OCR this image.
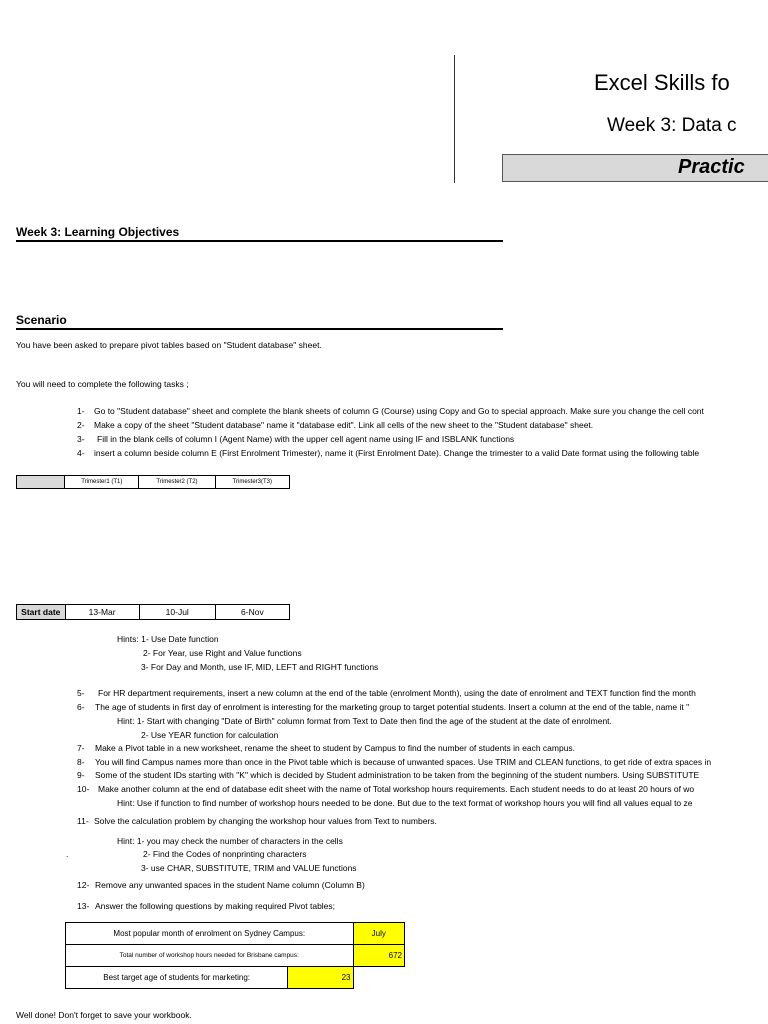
Excel Skills fo
Week 3: Data c
Practic
Week 3: Learning Objectives
Scenario
You have been asked to prepare pivot tables based on "Student database" sheet.
You will need to complete the following tasks ;
1- Go to "Student database" sheet and complete the blank sheets of column G (Course) using Copy and Go to special approach. Make sure you change the cell cont
2- Make a copy of the sheet "Student database" name it "database edit". Link all cells of the new sheet to the "Student database" sheet.
3- Fill in the blank cells of column I (Agent Name) with the upper cell agent name using IF and ISBLANK functions
4- insert a column beside column E (First Enrolment Trimester), name it (First Enrolment Date). Change the trimester to a valid Date format using the following table
	Trimester1 (T1)	Trimester2 (T2)	Trimester3(T3)
Start date	13-Mar	10-Jul	6-Nov
Hints: 1- Use Date function
2- For Year, use Right and Value functions
3- For Day and Month, use IF, MID, LEFT and RIGHT functions
5- For HR department requirements, insert a new column at the end of the table (enrolment Month), using the date of enrolment and TEXT function find the month
6- The age of students in first day of enrolment is interesting for the marketing group to target potential students. Insert a column at the end of the table, name it "
Hint: 1- Start with changing "Date of Birth" column format from Text to Date then find the age of the student at the date of enrolment.
2- Use YEAR function for calculation
7- Make a Pivot table in a new worksheet, rename the sheet to student by Campus to find the number of students in each campus.
8- You will find Campus names more than once in the Pivot table which is because of unwanted spaces. Use TRIM and CLEAN functions, to get ride of extra spaces in
9- Some of the student IDs starting with "K" which is decided by Student administration to be taken from the beginning of the student numbers. Using SUBSTITUTE
10- Make another column at the end of database edit sheet with the name of Total workshop hours requirements. Each student needs to do at least 20 hours of wo
Hint: Use if function to find number of workshop hours needed to be done. But due to the text format of workshop hours you will find all values equal to ze
11- Solve the calculation problem by changing the workshop hour values from Text to numbers.
Hint: 1- you may check the number of characters in the cells
.	2- Find the Codes of nonprinting characters
3- use CHAR, SUBSTITUTE, TRIM and VALUE functions
12- Remove any unwanted spaces in the student Name column (Column B)
13- Answer the following questions by making required Pivot tables;
Most popular month of enrolment on Sydney Campus:		July
Total number of workshop hours needed for Brisbane campus:		672
Best target age of students for marketing:	23	
Well done! Don't forget to save your workbook.
